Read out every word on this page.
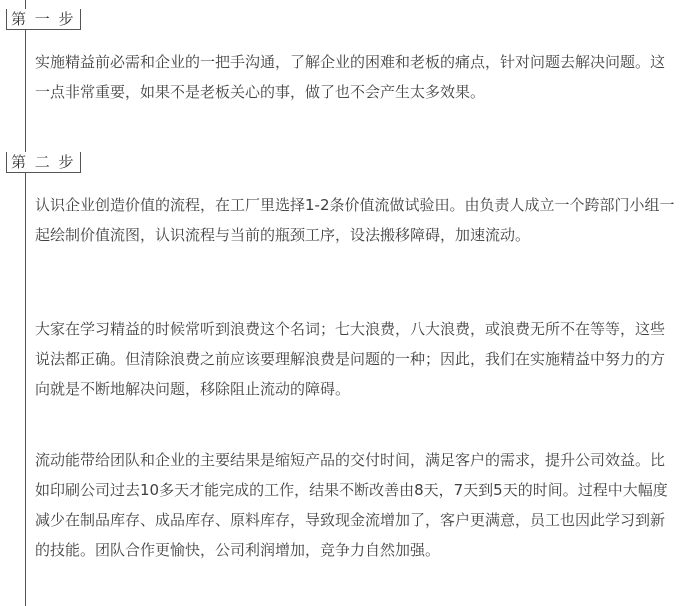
第 一 步

实施精益前必需和企业的一把手沟通，了解企业的困难和老板的痛点，针对问题去解决问题。这一点非常重要，如果不是老板关心的事，做了也不会产生太多效果。

第 二 步

认识企业创造价值的流程，在工厂里选择1-2条价值流做试验田。由负责人成立一个跨部门小组一起绘制价值流图，认识流程与当前的瓶颈工序，设法搬移障碍，加速流动。

大家在学习精益的时候常听到浪费这个名词；七大浪费，八大浪费，或浪费无所不在等等，这些说法都正确。但清除浪费之前应该要理解浪费是问题的一种；因此，我们在实施精益中努力的方向就是不断地解决问题，移除阻止流动的障碍。

流动能带给团队和企业的主要结果是缩短产品的交付时间，满足客户的需求，提升公司效益。比如印刷公司过去10多天才能完成的工作，结果不断改善由8天，7天到5天的时间。过程中大幅度减少在制品库存、成品库存、原料库存，导致现金流增加了，客户更满意，员工也因此学习到新的技能。团队合作更愉快，公司利润增加，竞争力自然加强。
